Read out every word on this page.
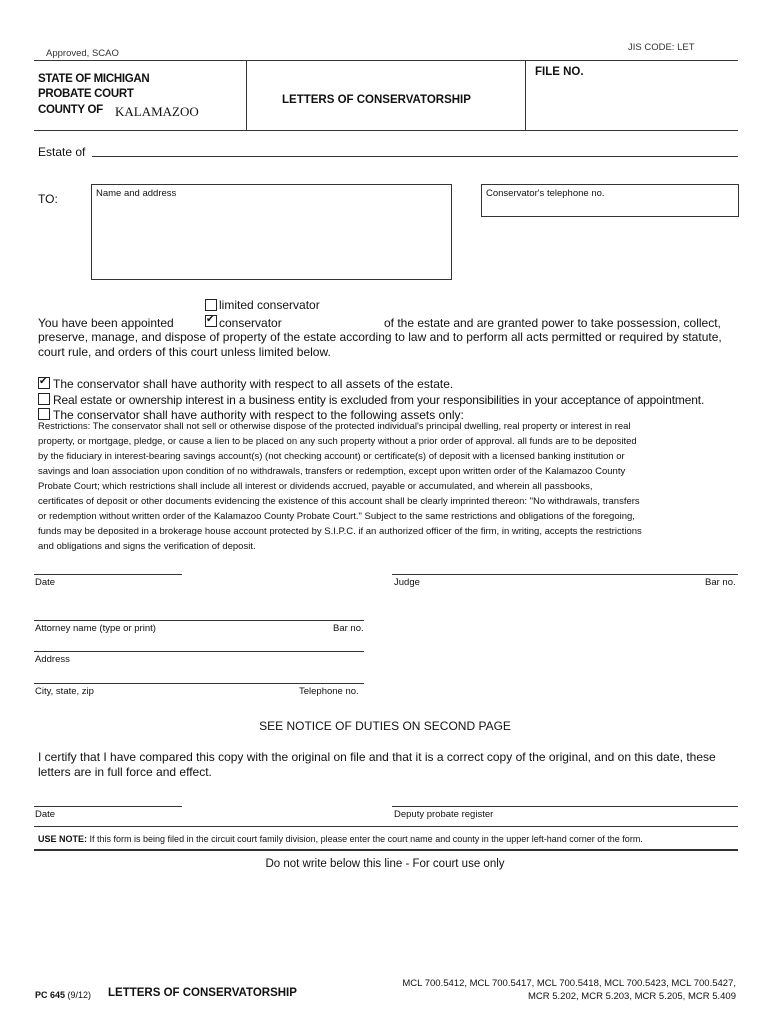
Approved, SCAO
JIS CODE: LET
STATE OF MICHIGAN
PROBATE COURT
COUNTY OF KALAMAZOO
LETTERS OF CONSERVATORSHIP
FILE NO.
Estate of
TO:	Name and address	Conservator's telephone no.
limited conservator
You have been appointed
✔	conservator	of the estate and are granted power to take possession, collect,
preserve, manage, and dispose of property of the estate according to law and to perform all acts permitted or required by statute,
court rule, and orders of this court unless limited below.
✔
The conservator shall have authority with respect to all assets of the estate.
Real estate or ownership interest in a business entity is excluded from your responsibilities in your acceptance of appointment.
The conservator shall have authority with respect to the following assets only:
Restrictions: The conservator shall not sell or otherwise dispose of the protected individual's principal dwelling, real property or interest in real
property, or mortgage, pledge, or cause a lien to be placed on any such property without a prior order of approval. all funds are to be deposited
by the fiduciary in interest-bearing savings account(s) (not checking account) or certificate(s) of deposit with a licensed banking institution or
savings and loan association upon condition of no withdrawals, transfers or redemption, except upon written order of the Kalamazoo County
Probate Court; which restrictions shall include all interest or dividends accrued, payable or accumulated, and wherein all passbooks,
certificates of deposit or other documents evidencing the existence of this account shall be clearly imprinted thereon: "No withdrawals, transfers
or redemption without written order of the Kalamazoo County Probate Court." Subject to the same restrictions and obligations of the foregoing,
funds may be deposited in a brokerage house account protected by S.I.P.C. if an authorized officer of the firm, in writing, accepts the restrictions
and obligations and signs the verification of deposit.
Date	Judge	Bar no.
Attorney name (type or print)	Bar no.
Address
City, state, zip	Telephone no.
SEE NOTICE OF DUTIES ON SECOND PAGE
I certify that I have compared this copy with the original on file and that it is a correct copy of the original, and on this date, these
letters are in full force and effect.
Date	Deputy probate register
USE NOTE: If this form is being filed in the circuit court family division, please enter the court name and county in the upper left-hand corner of the form.
Do not write below this line - For court use only
PC 645 (9/12) LETTERS OF CONSERVATORSHIP
MCL 700.5412, MCL 700.5417, MCL 700.5418, MCL 700.5423, MCL 700.5427,
MCR 5.202, MCR 5.203, MCR 5.205, MCR 5.409
